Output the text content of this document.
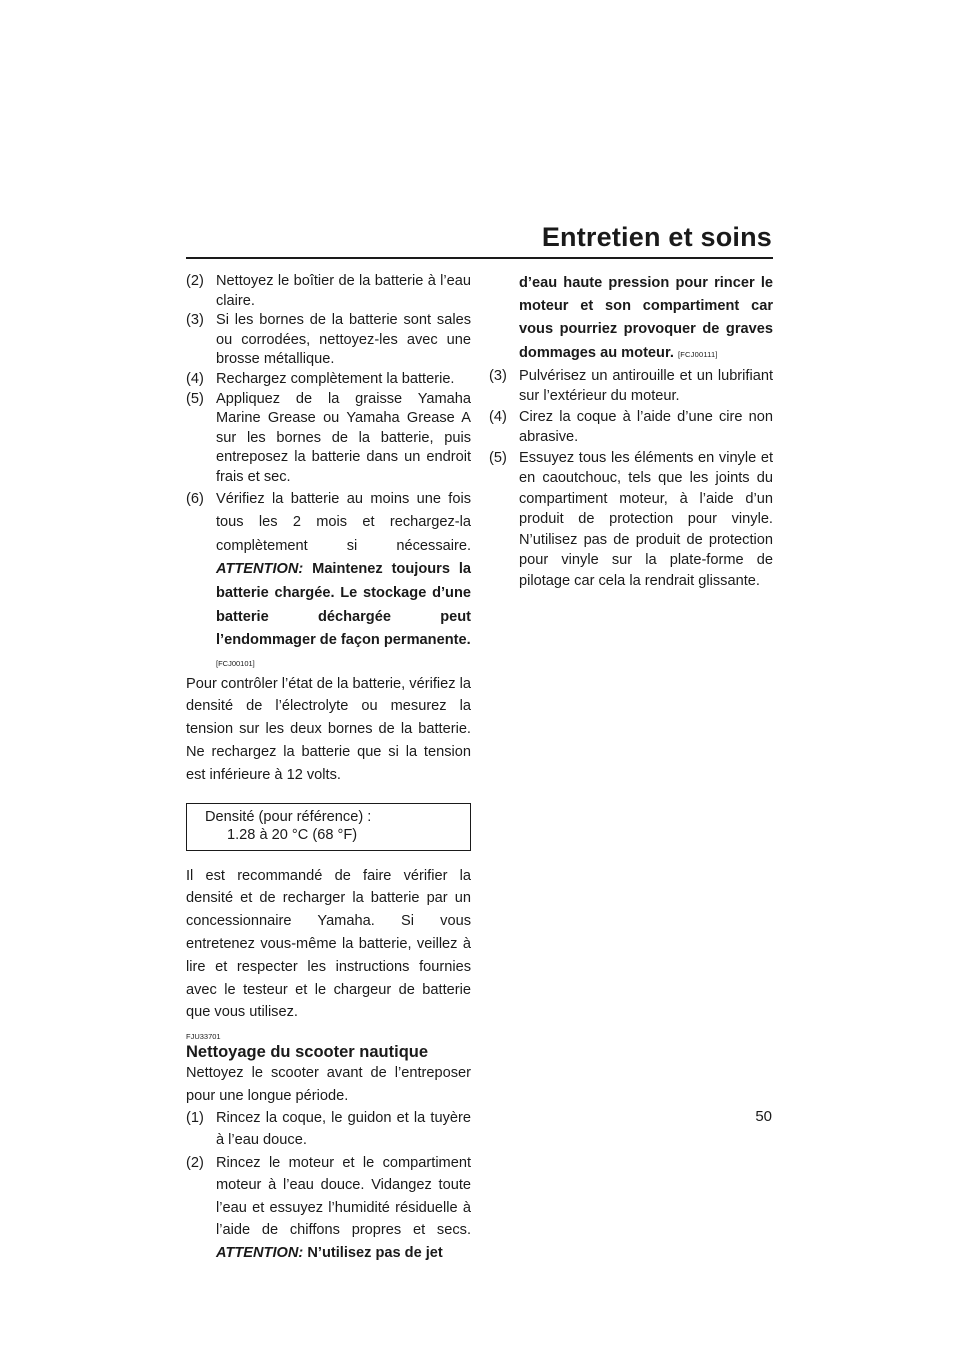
Entretien et soins
(2) Nettoyez le boîtier de la batterie à l’eau claire.
(3) Si les bornes de la batterie sont sales ou corrodées, nettoyez-les avec une brosse métallique.
(4) Rechargez complètement la batterie.
(5) Appliquez de la graisse Yamaha Marine Grease ou Yamaha Grease A sur les bornes de la batterie, puis entreposez la batterie dans un endroit frais et sec.
(6) Vérifiez la batterie au moins une fois tous les 2 mois et rechargez-la complètement si nécessaire. ATTENTION: Maintenez toujours la batterie chargée. Le stockage d’une batterie déchargée peut l’endommager de façon permanente.
[FCJ00101]

Pour contrôler l’état de la batterie, vérifiez la densité de l’électrolyte ou mesurez la tension sur les deux bornes de la batterie. Ne rechargez la batterie que si la tension est inférieure à 12 volts.

Densité (pour référence) :
1.28 à 20 °C (68 °F)

Il est recommandé de faire vérifier la densité et de recharger la batterie par un concessionnaire Yamaha. Si vous entretenez vous-même la batterie, veillez à lire et respecter les instructions fournies avec le testeur et le chargeur de batterie que vous utilisez.

FJU33701
Nettoyage du scooter nautique

Nettoyez le scooter avant de l’entreposer pour une longue période.

(1) Rincez la coque, le guidon et la tuyère à l’eau douce.
(2) Rincez le moteur et le compartiment moteur à l’eau douce. Vidangez toute l’eau et essuyez l’humidité résiduelle à l’aide de chiffons propres et secs. ATTENTION: N’utilisez pas de jet
d’eau haute pression pour rincer le moteur et son compartiment car vous pourriez provoquer de graves dommages au moteur. [FCJ00111]
(3) Pulvérisez un antirouille et un lubrifiant sur l’extérieur du moteur.
(4) Cirez la coque à l’aide d’une cire non abrasive.
(5) Essuyez tous les éléments en vinyle et en caoutchouc, tels que les joints du compartiment moteur, à l’aide d’un produit de protection pour vinyle. N’utilisez pas de produit de protection pour vinyle sur la plate-forme de pilotage car cela la rendrait glissante.
50
